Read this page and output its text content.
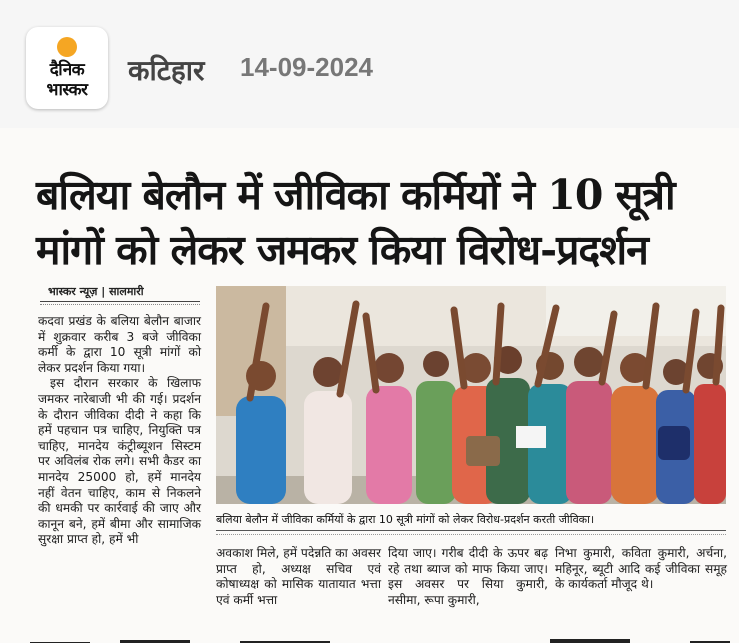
दैनिक
भास्कर
कटिहार 14-09-2024
बलिया बेलौन में जीविका कर्मियों ने 10 सूत्री
मांगों को लेकर जमकर किया विरोध-प्रदर्शन
भास्कर न्यूज़ | सालमारी

कदवा प्रखंड के बलिया बेलौन बाजार में शुक्रवार करीब 3 बजे जीविका कर्मी के द्वारा 10 सूत्री मांगों को लेकर प्रदर्शन किया गया।

इस दौरान सरकार के खिलाफ जमकर नारेबाजी भी की गई। प्रदर्शन के दौरान जीविका दीदी ने कहा कि हमें पहचान पत्र चाहिए, नियुक्ति पत्र चाहिए, मानदेय कंट्रीब्यूशन सिस्टम पर अविलंब रोक लगे। सभी कैडर का मानदेय 25000 हो, हमें मानदेय नहीं वेतन चाहिए, काम से निकलने की धमकी पर कार्रवाई की जाए और कानून बने, हमें बीमा और सामाजिक सुरक्षा प्राप्त हो, हमें भी

बलिया बेलौन में जीविका कर्मियों के द्वारा 10 सूत्री मांगों को लेकर विरोध-प्रदर्शन करती जीविका।
अवकाश मिले, हमें पदेन्नति का अवसर प्राप्त हो, अध्यक्ष सचिव एवं कोषाध्यक्ष को मासिक यातायात भत्ता एवं कर्मी भत्ता
दिया जाए। गरीब दीदी के ऊपर बढ़ रहे तथा ब्याज को माफ किया जाए। इस अवसर पर सिया कुमारी, नसीमा, रूपा कुमारी,
निभा कुमारी, कविता कुमारी, अर्चना, महिनूर, ब्यूटी आदि कई जीविका समूह के कार्यकर्ता मौजूद थे।
